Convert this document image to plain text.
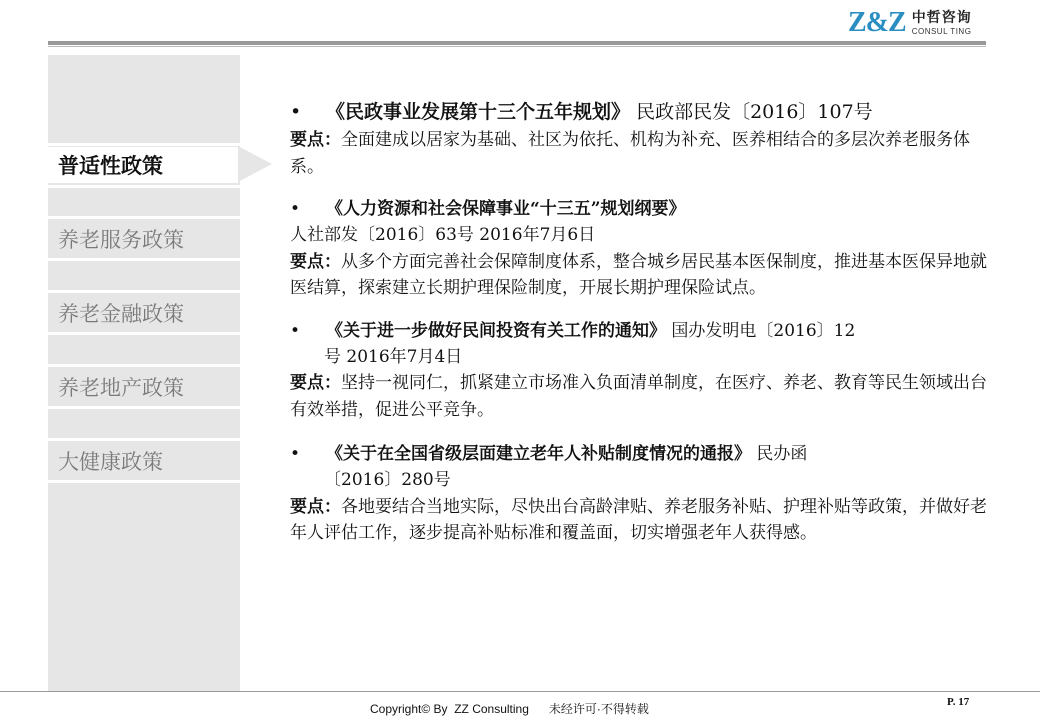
Z&Z 中哲咨询
CONSUL TING
普适性政策
养老服务政策
养老金融政策
养老地产政策
大健康政策
• 《民政事业发展第十三个五年规划》 民政部民发〔2016〕107号
要点：全面建成以居家为基础、社区为依托、机构为补充、医养相结合的多层次养老服务体系。
• 《人力资源和社会保障事业“十三五”规划纲要》
人社部发〔2016〕63号 2016年7月6日
要点：从多个方面完善社会保障制度体系，整合城乡居民基本医保制度，推进基本医保异地就医结算，探索建立长期护理保险制度，开展长期护理保险试点。
• 《关于进一步做好民间投资有关工作的通知》 国办发明电〔2016〕12
号 2016年7月4日
要点：坚持一视同仁，抓紧建立市场准入负面清单制度，在医疗、养老、教育等民生领域出台有效举措，促进公平竞争。
• 《关于在全国省级层面建立老年人补贴制度情况的通报》 民办函
〔2016〕280号
要点：各地要结合当地实际，尽快出台高龄津贴、养老服务补贴、护理补贴等政策，并做好老年人评估工作，逐步提高补贴标准和覆盖面，切实增强老年人获得感。
Copyright© By  ZZ Consulting      未经许可·不得转载	P. 17
